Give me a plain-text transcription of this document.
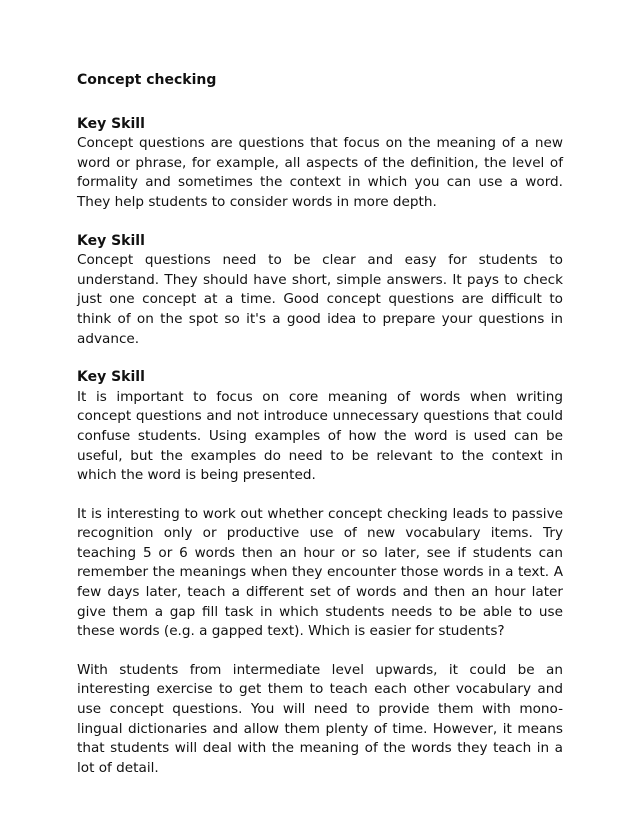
Concept checking

Key Skill

Concept questions are questions that focus on the meaning of a new word or phrase, for example, all aspects of the definition, the level of formality and sometimes the context in which you can use a word. They help students to consider words in more depth.

Key Skill

Concept questions need to be clear and easy for students to understand. They should have short, simple answers. It pays to check just one concept at a time. Good concept questions are difficult to think of on the spot so it's a good idea to prepare your questions in advance.

Key Skill

It is important to focus on core meaning of words when writing concept questions and not introduce unnecessary questions that could confuse students. Using examples of how the word is used can be useful, but the examples do need to be relevant to the context in which the word is being presented.

It is interesting to work out whether concept checking leads to passive recognition only or productive use of new vocabulary items. Try teaching 5 or 6 words then an hour or so later, see if students can remember the meanings when they encounter those words in a text. A few days later, teach a different set of words and then an hour later give them a gap fill task in which students needs to be able to use these words (e.g. a gapped text). Which is easier for students?

With students from intermediate level upwards, it could be an interesting exercise to get them to teach each other vocabulary and use concept questions. You will need to provide them with mono-lingual dictionaries and allow them plenty of time. However, it means that students will deal with the meaning of the words they teach in a lot of detail.
